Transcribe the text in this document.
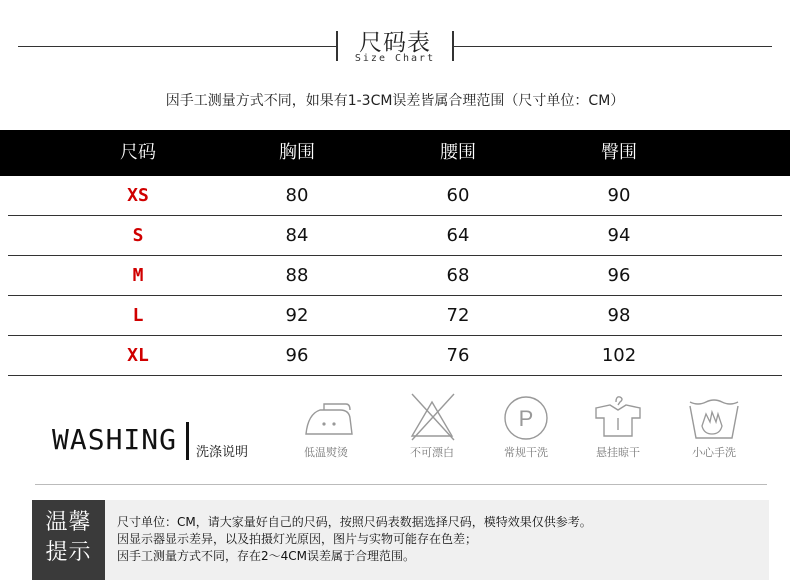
尺码表
Size Chart
因手工测量方式不同，如果有1-3CM误差皆属合理范围（尺寸单位：CM）
尺码	胸围	腰围	臀围
XS	80	60	90
S	84	64	94
M	88	68	96
L	92	72	98
XL	96	76	102
WASHING 洗涤说明	低温熨烫	不可漂白
P
常规干洗	悬挂晾干	小心手洗
温馨
提示
尺寸单位：CM，请大家量好自己的尺码，按照尺码表数据选择尺码，模特效果仅供参考。
因显示器显示差异，以及拍摄灯光原因，图片与实物可能存在色差；
因手工测量方式不同，存在2～4CM误差属于合理范围。
